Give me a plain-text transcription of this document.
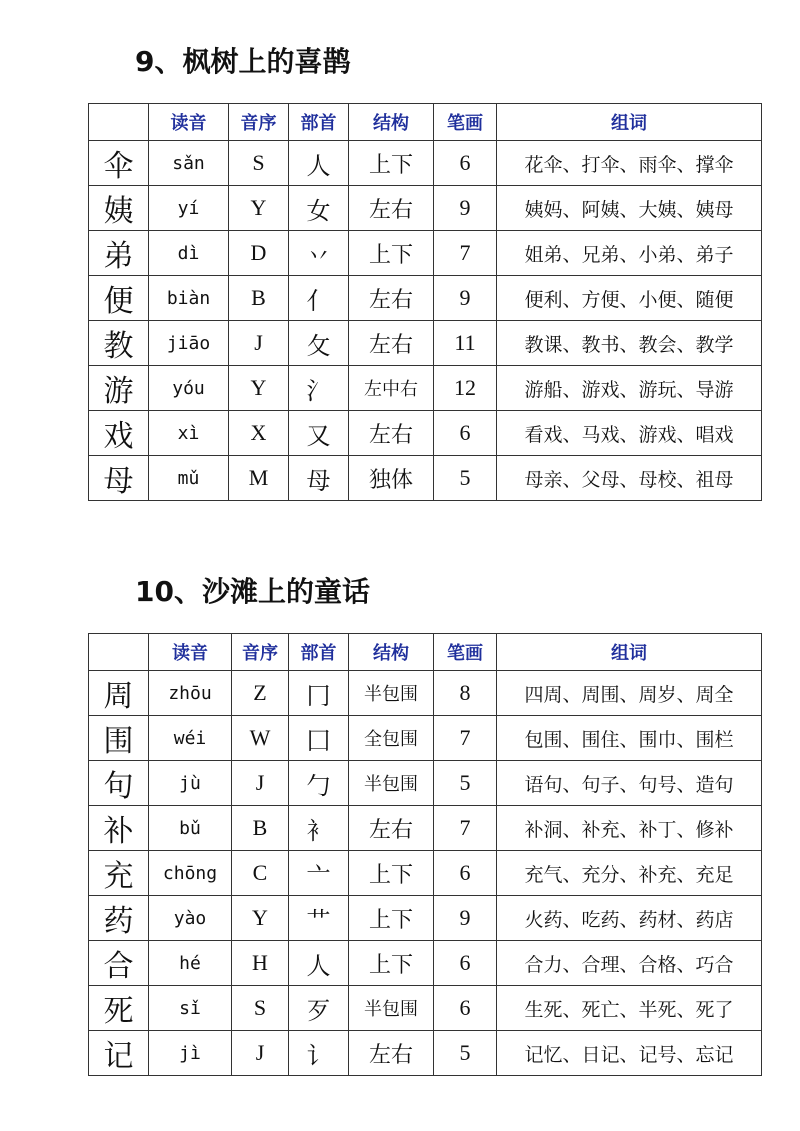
9、枫树上的喜鹊
	读音	音序	部首	结构	笔画	组词
伞	sǎn	S	人	上下	6	花伞、打伞、雨伞、撑伞
姨	yí	Y	女	左右	9	姨妈、阿姨、大姨、姨母
弟	dì	D	丷	上下	7	姐弟、兄弟、小弟、弟子
便	biàn	B	亻	左右	9	便利、方便、小便、随便
教	jiāo	J	攵	左右	11	教课、教书、教会、教学
游	yóu	Y	氵	左中右	12	游船、游戏、游玩、导游
戏	xì	X	又	左右	6	看戏、马戏、游戏、唱戏
母	mǔ	M	母	独体	5	母亲、父母、母校、祖母
10、沙滩上的童话
	读音	音序	部首	结构	笔画	组词
周	zhōu	Z	冂	半包围	8	四周、周围、周岁、周全
围	wéi	W	囗	全包围	7	包围、围住、围巾、围栏
句	jù	J	勹	半包围	5	语句、句子、句号、造句
补	bǔ	B	衤	左右	7	补洞、补充、补丁、修补
充	chōng	C	亠	上下	6	充气、充分、补充、充足
药	yào	Y	艹	上下	9	火药、吃药、药材、药店
合	hé	H	人	上下	6	合力、合理、合格、巧合
死	sǐ	S	歹	半包围	6	生死、死亡、半死、死了
记	jì	J	讠	左右	5	记忆、日记、记号、忘记
